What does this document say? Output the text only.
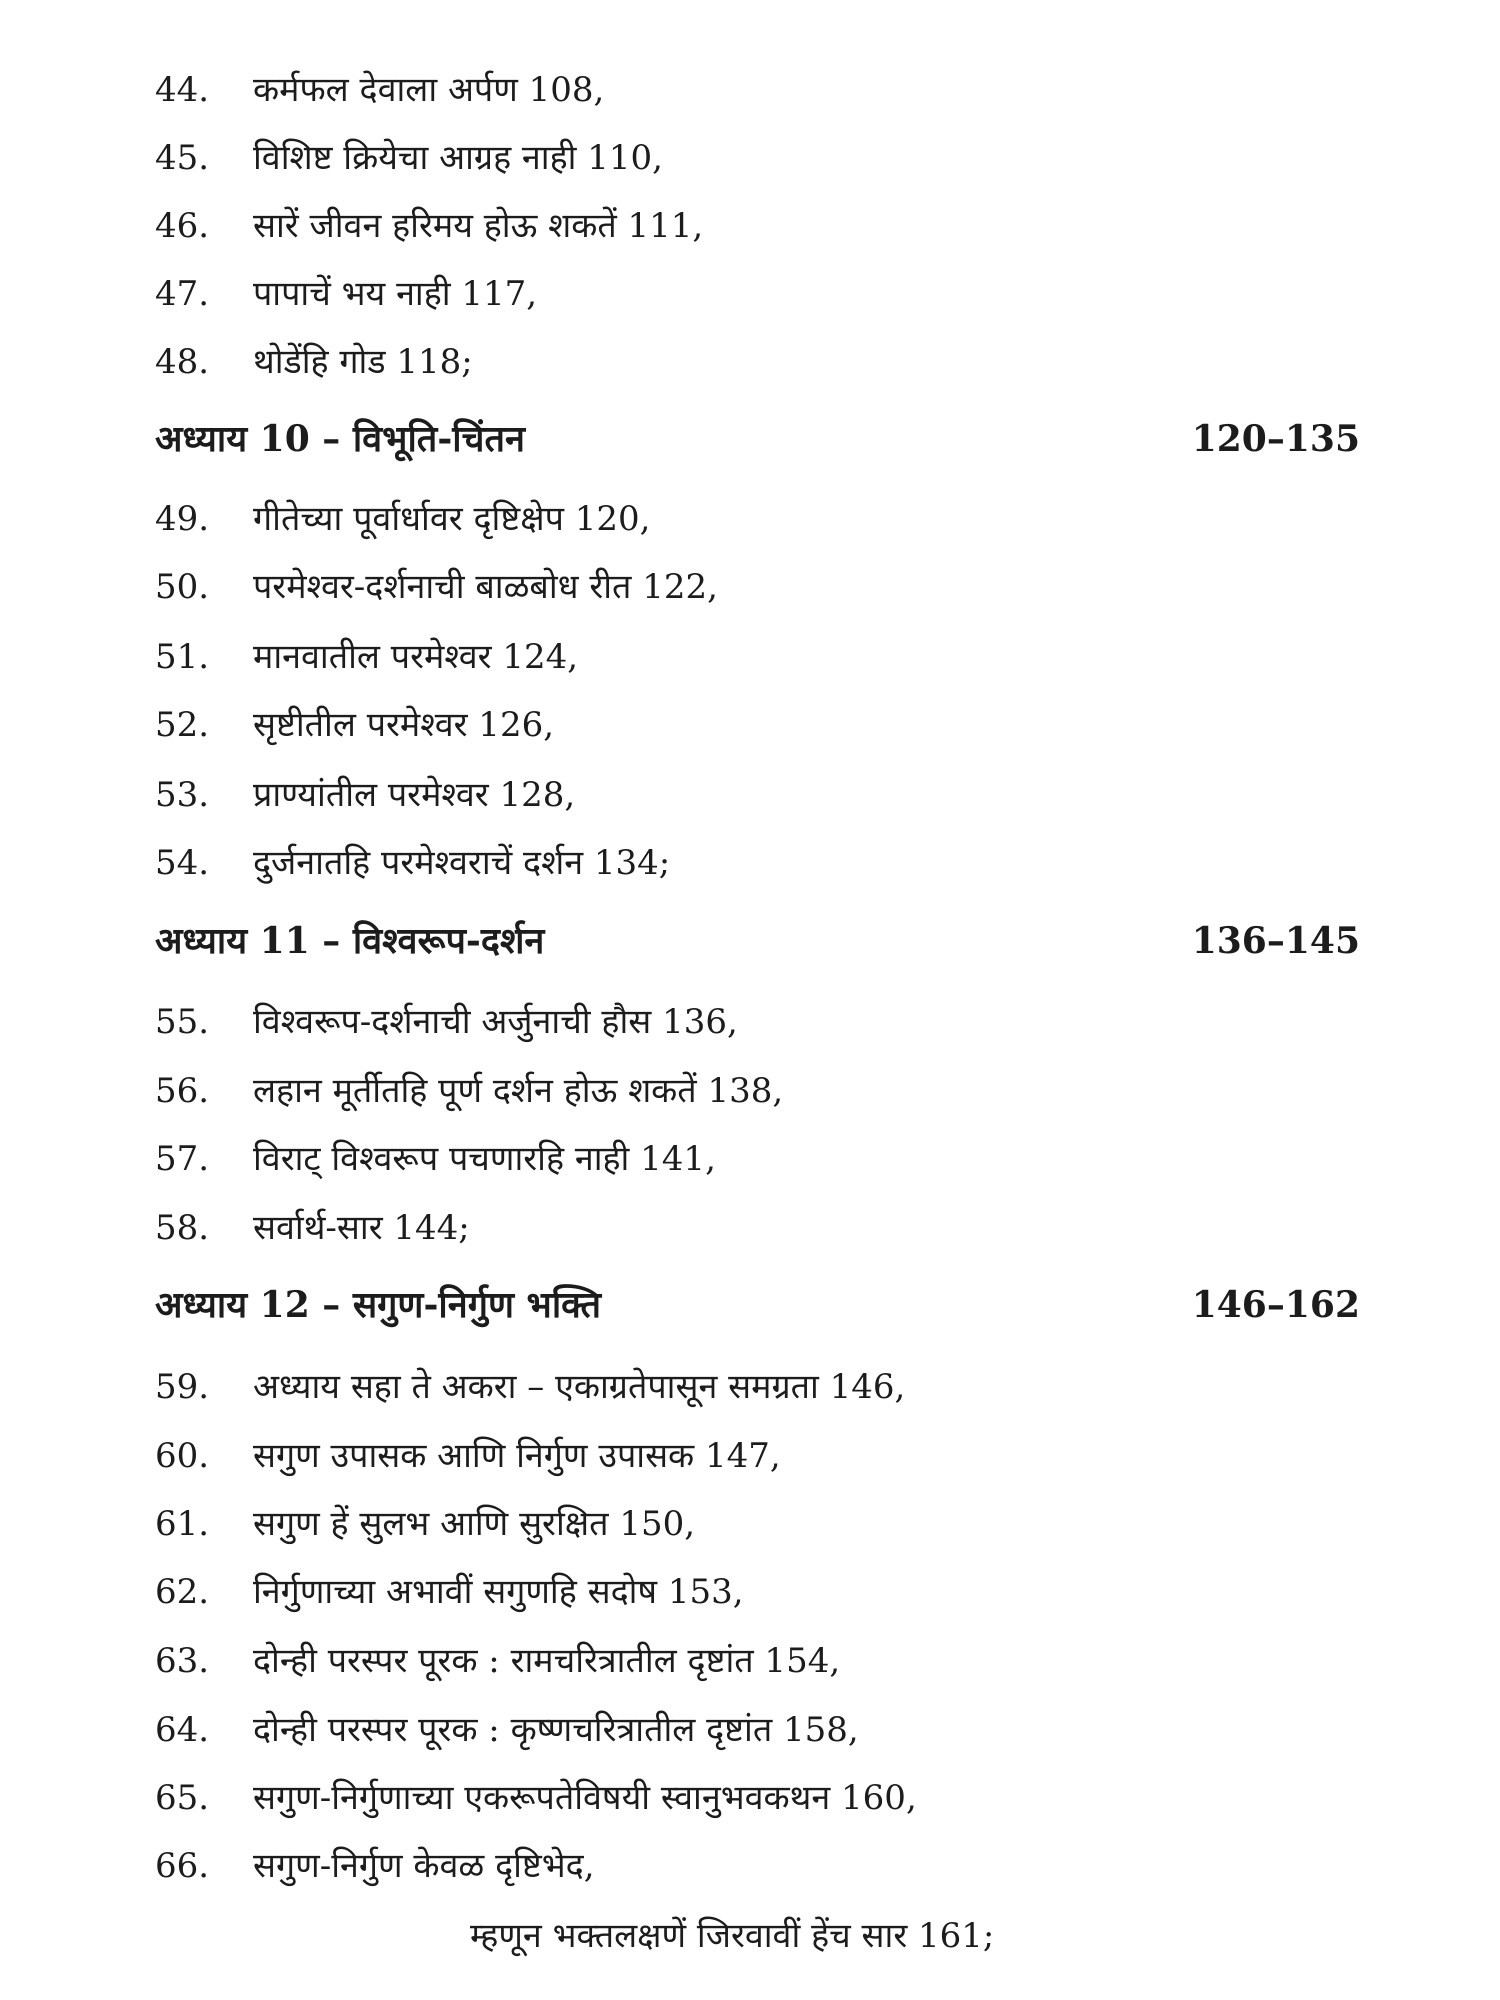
44. कर्मफल देवाला अर्पण 108,
45. विशिष्ट क्रियेचा आग्रह नाही 110,
46. सारें जीवन हरिमय होऊ शकतें 111,
47. पापाचें भय नाही 117,
48. थोडेंहि गोड 118;
अध्याय 10 – विभूति-चिंतन	120–135
49. गीतेच्या पूर्वार्धावर दृष्टिक्षेप 120,
50. परमेश्वर-दर्शनाची बाळबोध रीत 122,
51. मानवातील परमेश्वर 124,
52. सृष्टीतील परमेश्वर 126,
53. प्राण्यांतील परमेश्वर 128,
54. दुर्जनातहि परमेश्वराचें दर्शन 134;
अध्याय 11 – विश्वरूप-दर्शन	136–145
55. विश्वरूप-दर्शनाची अर्जुनाची हौस 136,
56. लहान मूर्तीतहि पूर्ण दर्शन होऊ शकतें 138,
57. विराट् विश्वरूप पचणारहि नाही 141,
58. सर्वार्थ-सार 144;
अध्याय 12 – सगुण-निर्गुण भक्ति	146–162
59. अध्याय सहा ते अकरा – एकाग्रतेपासून समग्रता 146,
60. सगुण उपासक आणि निर्गुण उपासक 147,
61. सगुण हें सुलभ आणि सुरक्षित 150,
62. निर्गुणाच्या अभावीं सगुणहि सदोष 153,
63. दोन्ही परस्पर पूरक : रामचरित्रातील दृष्टांत 154,
64. दोन्ही परस्पर पूरक : कृष्णचरित्रातील दृष्टांत 158,
65. सगुण-निर्गुणाच्या एकरूपतेविषयी स्वानुभवकथन 160,
66. सगुण-निर्गुण केवळ दृष्टिभेद,
म्हणून भक्तलक्षणें जिरवावीं हेंच सार 161;
